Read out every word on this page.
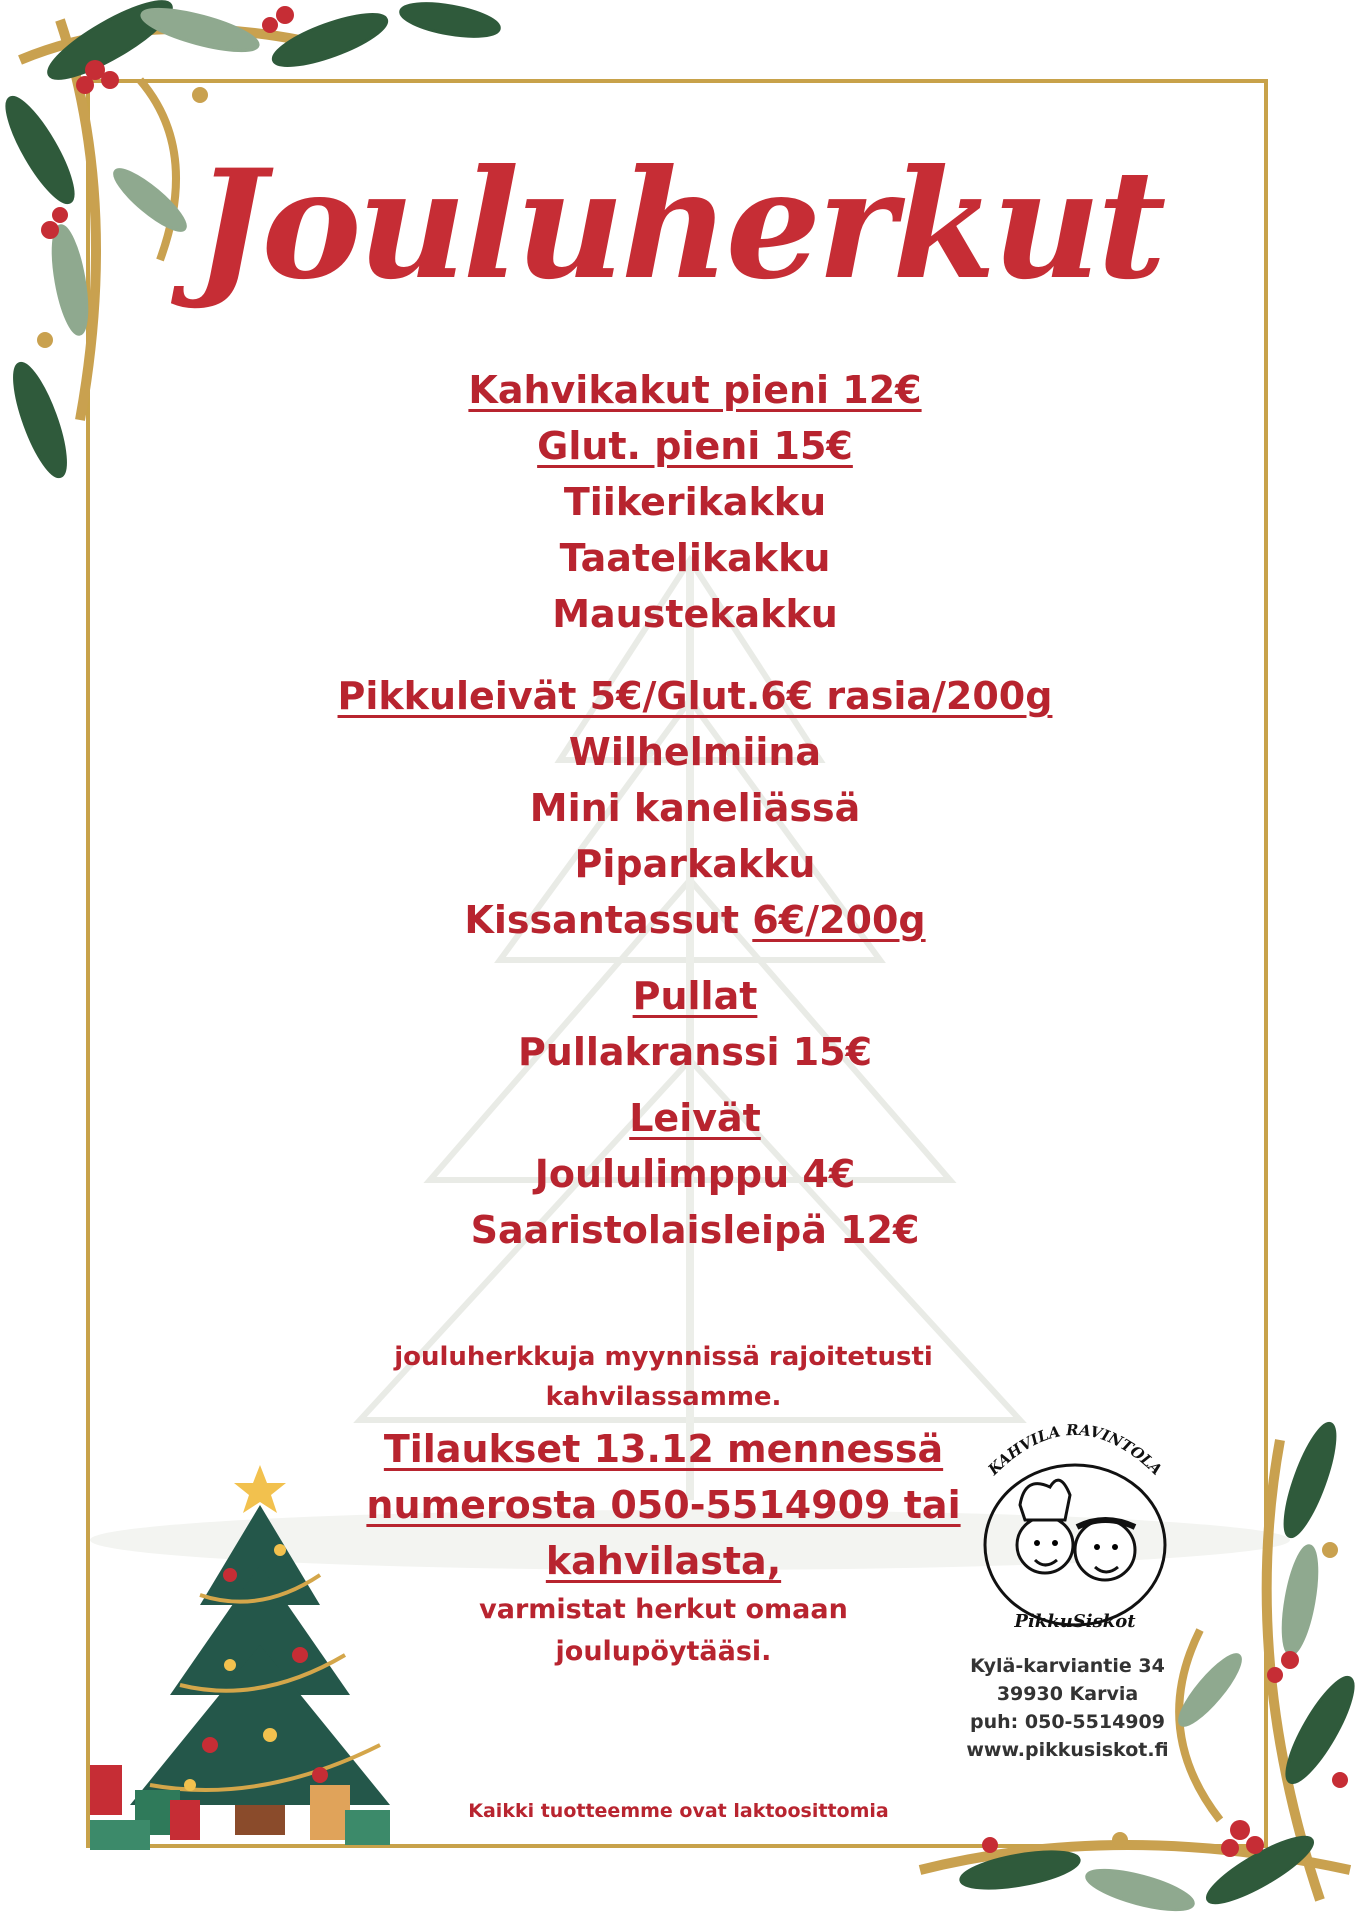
KAHVILA RAVINTOLA
PikkuSiskot
Jouluherkut
Kahvikakut pieni 12€
Glut. pieni 15€
Tiikerikakku
Taatelikakku
Maustekakku
Pikkuleivät 5€/Glut.6€ rasia/200g
Wilhelmiina
Mini kaneliässä
Piparkakku
Kissantassut 6€/200g
Pullat
Pullakranssi 15€
Leivät
Joululimppu 4€
Saaristolaisleipä 12€
jouluherkkuja myynnissä rajoitetusti
kahvilassamme.
Tilaukset 13.12 mennessä
numerosta 050-5514909 tai
kahvilasta,
varmistat herkut omaan
joulupöytääsi.	Kylä-karviantie 34
39930 Karvia
puh: 050-5514909
www.pikkusiskot.fi
Kaikki tuotteemme ovat laktoosittomia
